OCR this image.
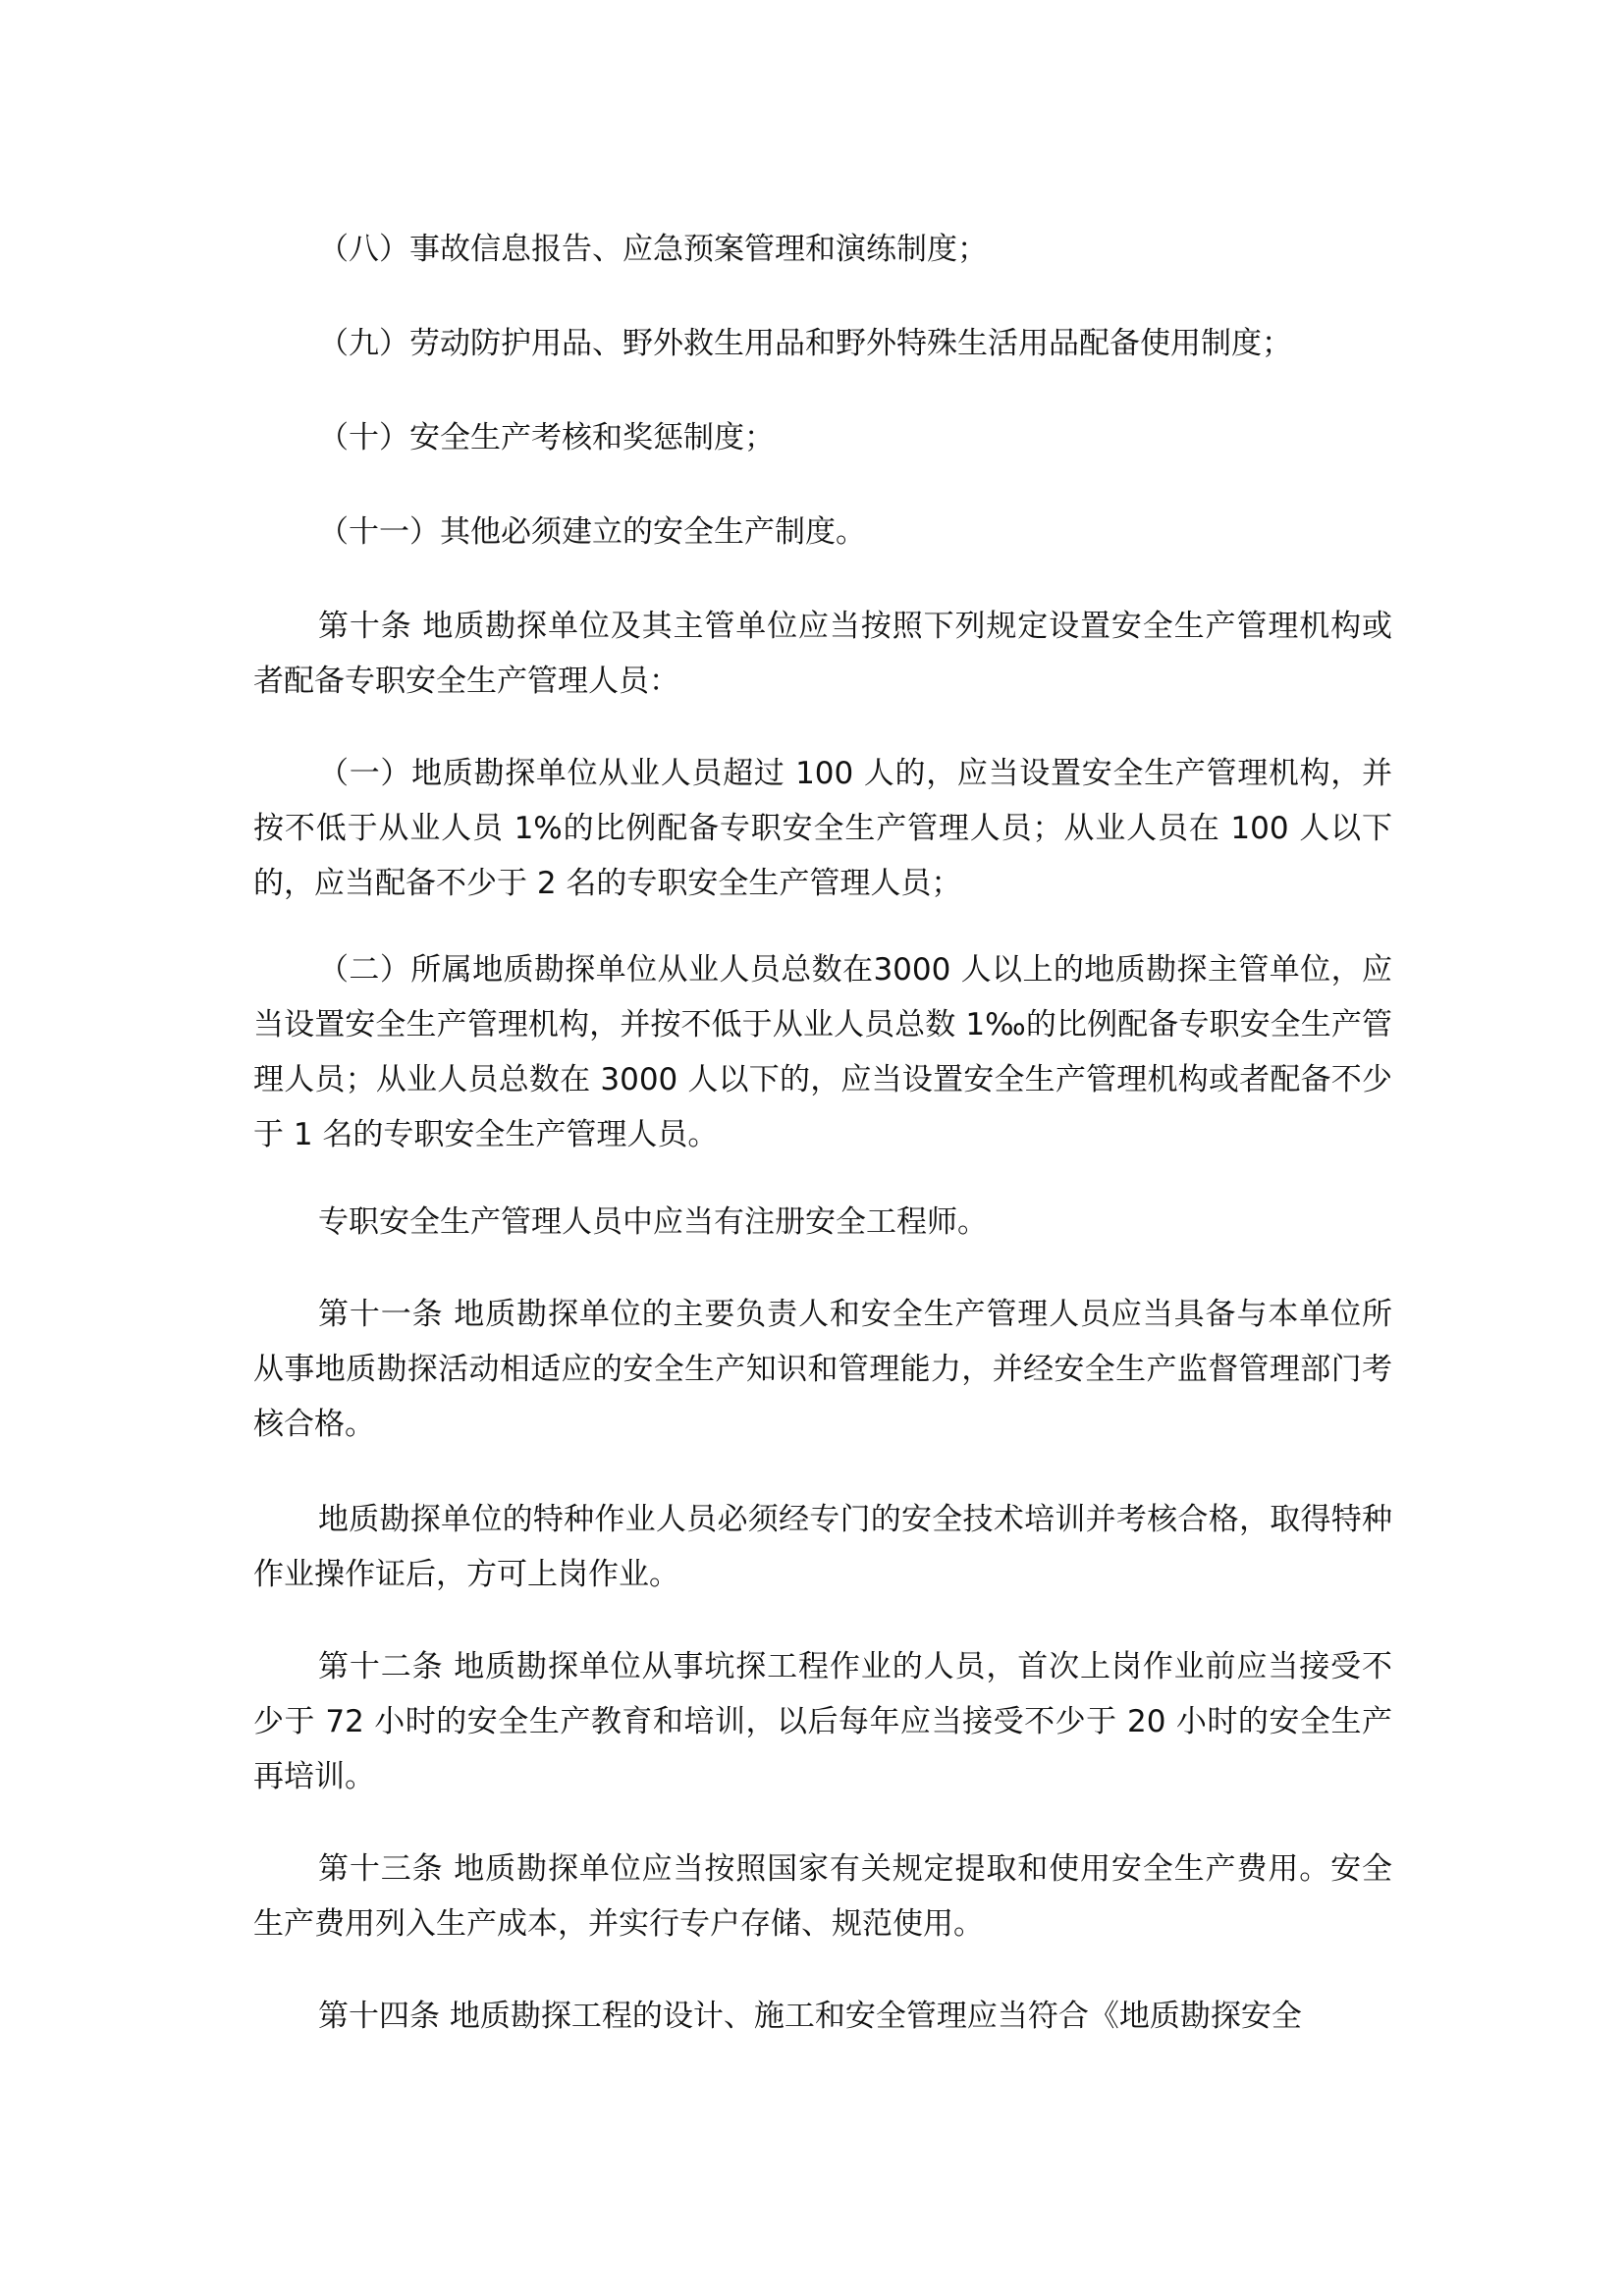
（八）事故信息报告、应急预案管理和演练制度；

（九）劳动防护用品、野外救生用品和野外特殊生活用品配备使用制度；

（十）安全生产考核和奖惩制度；

（十一）其他必须建立的安全生产制度。

第十条 地质勘探单位及其主管单位应当按照下列规定设置安全生产管理机构或者配备专职安全生产管理人员：

（一）地质勘探单位从业人员超过 100 人的，应当设置安全生产管理机构，并按不低于从业人员 1%的比例配备专职安全生产管理人员；从业人员在 100 人以下的，应当配备不少于 2 名的专职安全生产管理人员；

（二）所属地质勘探单位从业人员总数在3000 人以上的地质勘探主管单位，应当设置安全生产管理机构，并按不低于从业人员总数 1‰的比例配备专职安全生产管理人员；从业人员总数在 3000 人以下的，应当设置安全生产管理机构或者配备不少于 1 名的专职安全生产管理人员。

专职安全生产管理人员中应当有注册安全工程师。

第十一条 地质勘探单位的主要负责人和安全生产管理人员应当具备与本单位所从事地质勘探活动相适应的安全生产知识和管理能力，并经安全生产监督管理部门考核合格。

地质勘探单位的特种作业人员必须经专门的安全技术培训并考核合格，取得特种作业操作证后，方可上岗作业。

第十二条 地质勘探单位从事坑探工程作业的人员，首次上岗作业前应当接受不少于 72 小时的安全生产教育和培训，以后每年应当接受不少于 20 小时的安全生产再培训。

第十三条 地质勘探单位应当按照国家有关规定提取和使用安全生产费用。安全生产费用列入生产成本，并实行专户存储、规范使用。

第十四条 地质勘探工程的设计、施工和安全管理应当符合《地质勘探安全
